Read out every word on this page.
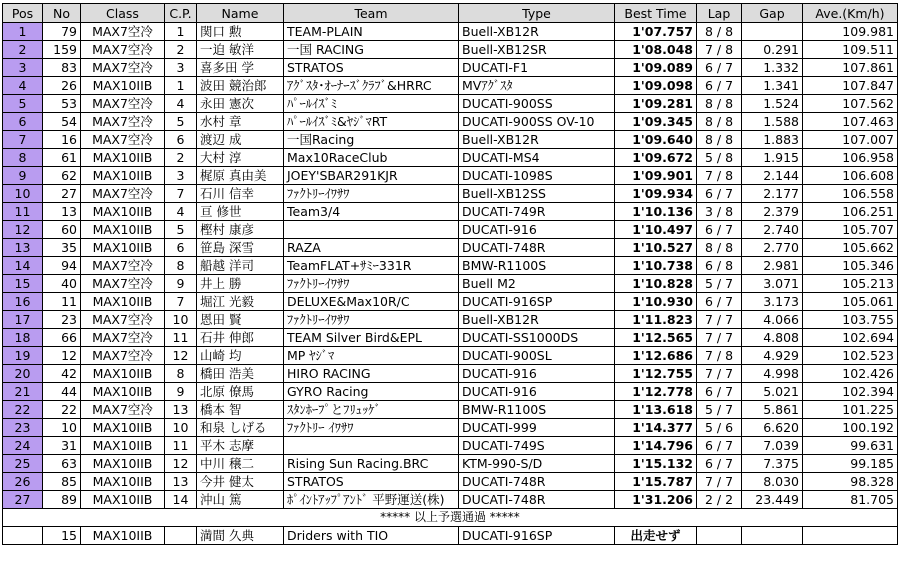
Pos	No	Class	C.P.	Name	Team	Type	Best Time	Lap	Gap	Ave.(Km/h)
1	79	MAX7空冷	1	関口 勲	TEAM-PLAIN	Buell-XB12R	1'07.757	8 / 8		109.981
2	159	MAX7空冷	2	一迫 敏洋	一国 RACING	Buell-XB12SR	1'08.048	7 / 8	0.291	109.511
3	83	MAX7空冷	3	喜多田 学	STRATOS	DUCATI-F1	1'09.089	6 / 7	1.332	107.861
4	26	MAX10IIB	1	波田 競治郎	ｱｸﾞｽﾀ･ｵｰﾅｰｽﾞｸﾗﾌﾞ&HRRC	MVｱｸﾞｽﾀ	1'09.098	6 / 7	1.341	107.847
5	53	MAX7空冷	4	永田 憲次	ﾊﾟｰﾙｲｽﾞﾐ	DUCATI-900SS	1'09.281	8 / 8	1.524	107.562
6	54	MAX7空冷	5	水村 章	ﾊﾟｰﾙｲｽﾞﾐ&ﾔｼﾞﾏRT	DUCATI-900SS OV-10	1'09.345	8 / 8	1.588	107.463
7	16	MAX7空冷	6	渡辺 成	一国Racing	Buell-XB12R	1'09.640	8 / 8	1.883	107.007
8	61	MAX10IIB	2	大村 淳	Max10RaceClub	DUCATI-MS4	1'09.672	5 / 8	1.915	106.958
9	62	MAX10IIB	3	梶原 真由美	JOEY'SBAR291KJR	DUCATI-1098S	1'09.901	7 / 8	2.144	106.608
10	27	MAX7空冷	7	石川 信幸	ﾌｧｸﾄﾘｰｲﾜｻﾜ	Buell-XB12SS	1'09.934	6 / 7	2.177	106.558
11	13	MAX10IIB	4	亘 修世	Team3/4	DUCATI-749R	1'10.136	3 / 8	2.379	106.251
12	60	MAX10IIB	5	樫村 康彦		DUCATI-916	1'10.497	6 / 7	2.740	105.707
13	35	MAX10IIB	6	笹島 深雪	RAZA	DUCATI-748R	1'10.527	8 / 8	2.770	105.662
14	94	MAX7空冷	8	船越 洋司	TeamFLAT+ｻﾐｰ331R	BMW-R1100S	1'10.738	6 / 8	2.981	105.346
15	40	MAX7空冷	9	井上 勝	ﾌｧｸﾄﾘｰｲﾜｻﾜ	Buell M2	1'10.828	5 / 7	3.071	105.213
16	11	MAX10IIB	7	堀江 光毅	DELUXE&Max10R/C	DUCATI-916SP	1'10.930	6 / 7	3.173	105.061
17	23	MAX7空冷	10	恩田 賢	ﾌｧｸﾄﾘｰｲﾜｻﾜ	Buell-XB12R	1'11.823	7 / 7	4.066	103.755
18	66	MAX7空冷	11	石井 伸郎	TEAM Silver Bird&EPL	DUCATI-SS1000DS	1'12.565	7 / 7	4.808	102.694
19	12	MAX7空冷	12	山崎 均	MP ﾔｼﾞﾏ	DUCATI-900SL	1'12.686	7 / 8	4.929	102.523
20	42	MAX10IIB	8	橋田 浩美	HIRO RACING	DUCATI-916	1'12.755	7 / 7	4.998	102.426
21	44	MAX10IIB	9	北原 僚馬	GYRO Racing	DUCATI-916	1'12.778	6 / 7	5.021	102.394
22	22	MAX7空冷	13	橋本 智	ｽﾀﾝﾎｰﾌﾟとﾌﾘｭｯｹﾞ	BMW-R1100S	1'13.618	5 / 7	5.861	101.225
23	10	MAX10IIB	10	和泉 しげる	ﾌｧｸﾄﾘｰ ｲﾜｻﾜ	DUCATI-999	1'14.377	5 / 6	6.620	100.192
24	31	MAX10IIB	11	平木 志摩		DUCATI-749S	1'14.796	6 / 7	7.039	99.631
25	63	MAX10IIB	12	中川 穣二	Rising Sun Racing.BRC	KTM-990-S/D	1'15.132	6 / 7	7.375	99.185
26	85	MAX10IIB	13	今井 健太	STRATOS	DUCATI-748R	1'15.787	7 / 7	8.030	98.328
27	89	MAX10IIB	14	沖山 篤	ﾎﾟｲﾝﾄｱｯﾌﾟｱﾝﾄﾞ 平野運送(株)	DUCATI-748R	1'31.206	2 / 2	23.449	81.705
***** 以上予選通過 *****										
	15	MAX10IIB		満間 久典	Driders with TIO	DUCATI-916SP	出走せず			
